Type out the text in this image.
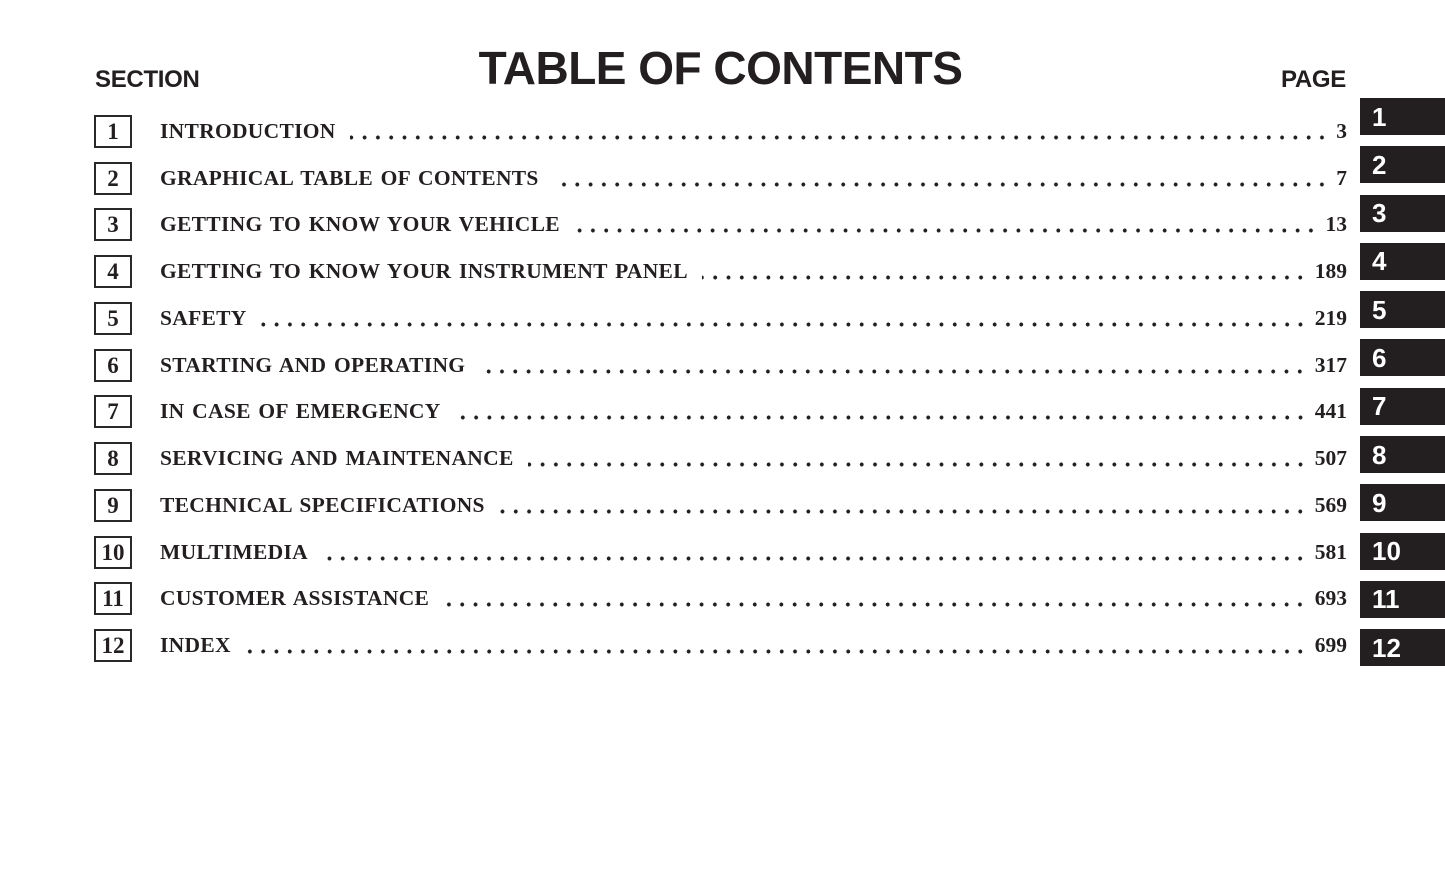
SECTION	TABLE OF CONTENTS	PAGE
1 INTRODUCTION	3
2 GRAPHICAL TABLE OF CONTENTS	7
3 GETTING TO KNOW YOUR VEHICLE	13
4 GETTING TO KNOW YOUR INSTRUMENT PANEL	189
5 SAFETY	219
6 STARTING AND OPERATING	317
7 IN CASE OF EMERGENCY	441
8 SERVICING AND MAINTENANCE	507
9 TECHNICAL SPECIFICATIONS	569
10 MULTIMEDIA	581
11 CUSTOMER ASSISTANCE	693
12 INDEX	699
1
2
3
4
5
6
7
8
9
10
11
12
